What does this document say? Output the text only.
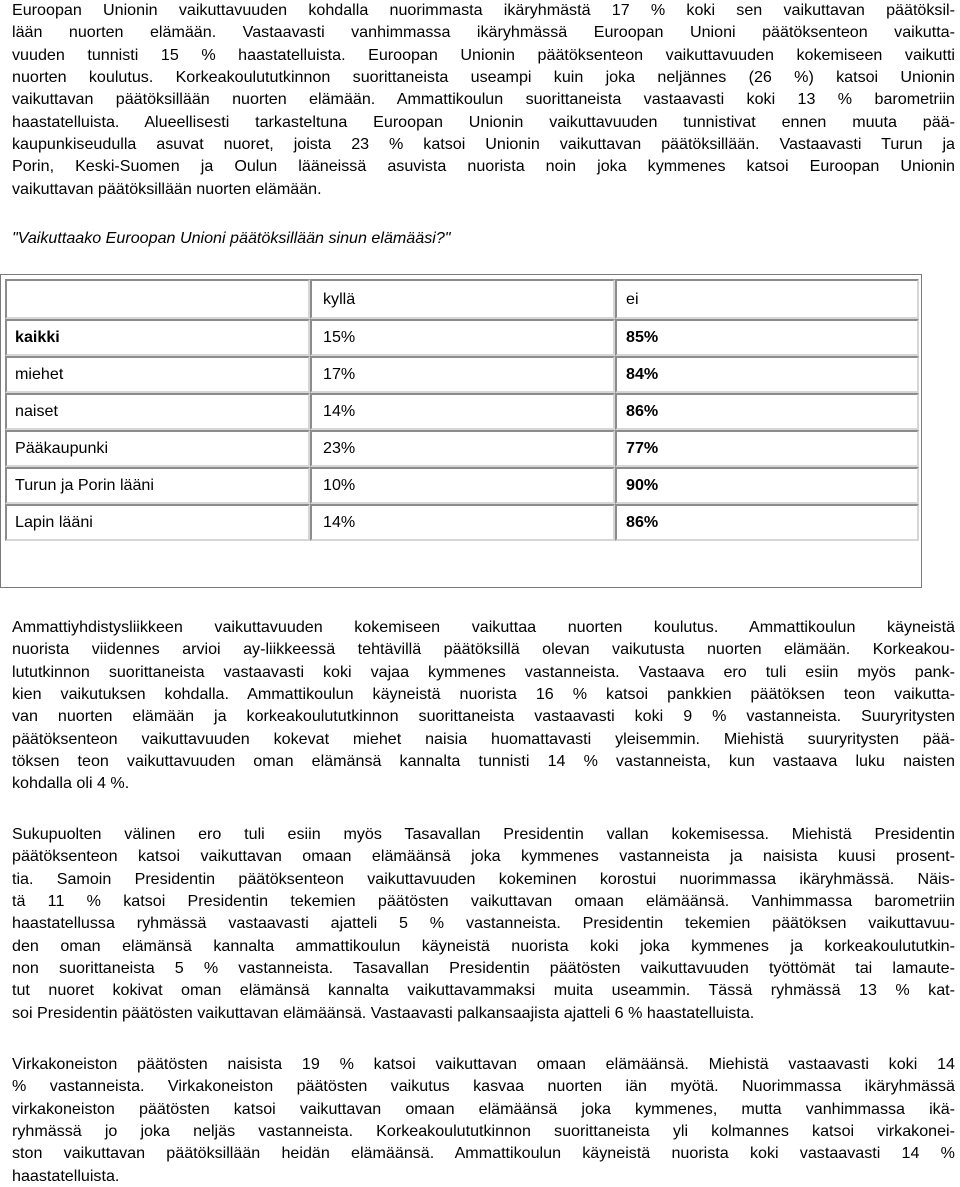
Euroopan Unionin vaikuttavuuden kohdalla nuorimmasta ikäryhmästä 17 % koki sen vaikuttavan päätöksil-
lään nuorten elämään. Vastaavasti vanhimmassa ikäryhmässä Euroopan Unioni päätöksenteon vaikutta-
vuuden tunnisti 15 % haastatelluista. Euroopan Unionin päätöksenteon vaikuttavuuden kokemiseen vaikutti
nuorten koulutus. Korkeakoulututkinnon suorittaneista useampi kuin joka neljännes (26 %) katsoi Unionin
vaikuttavan päätöksillään nuorten elämään. Ammattikoulun suorittaneista vastaavasti koki 13 % barometriin
haastatelluista. Alueellisesti tarkasteltuna Euroopan Unionin vaikuttavuuden tunnistivat ennen muuta pää-
kaupunkiseudulla asuvat nuoret, joista 23 % katsoi Unionin vaikuttavan päätöksillään. Vastaavasti Turun ja
Porin, Keski-Suomen ja Oulun lääneissä asuvista nuorista noin joka kymmenes katsoi Euroopan Unionin
vaikuttavan päätöksillään nuorten elämään.

"Vaikuttaako Euroopan Unioni päätöksillään sinun elämääsi?"

	kyllä	ei
kaikki	15%	85%
miehet	17%	84%
naiset	14%	86%
Pääkaupunki	23%	77%
Turun ja Porin lääni	10%	90%
Lapin lääni	14%	86%
Ammattiyhdistysliikkeen vaikuttavuuden kokemiseen vaikuttaa nuorten koulutus. Ammattikoulun käyneistä
nuorista viidennes arvioi ay-liikkeessä tehtävillä päätöksillä olevan vaikutusta nuorten elämään. Korkeakou-
lututkinnon suorittaneista vastaavasti koki vajaa kymmenes vastanneista. Vastaava ero tuli esiin myös pank-
kien vaikutuksen kohdalla. Ammattikoulun käyneistä nuorista 16 % katsoi pankkien päätöksen teon vaikutta-
van nuorten elämään ja korkeakoulututkinnon suorittaneista vastaavasti koki 9 % vastanneista. Suuryritysten
päätöksenteon vaikuttavuuden kokevat miehet naisia huomattavasti yleisemmin. Miehistä suuryritysten pää-
töksen teon vaikuttavuuden oman elämänsä kannalta tunnisti 14 % vastanneista, kun vastaava luku naisten
kohdalla oli 4 %.
Sukupuolten välinen ero tuli esiin myös Tasavallan Presidentin vallan kokemisessa. Miehistä Presidentin
päätöksenteon katsoi vaikuttavan omaan elämäänsä joka kymmenes vastanneista ja naisista kuusi prosent-
tia. Samoin Presidentin päätöksenteon vaikuttavuuden kokeminen korostui nuorimmassa ikäryhmässä. Näis-
tä 11 % katsoi Presidentin tekemien päätösten vaikuttavan omaan elämäänsä. Vanhimmassa barometriin
haastatellussa ryhmässä vastaavasti ajatteli 5 % vastanneista. Presidentin tekemien päätöksen vaikuttavuu-
den oman elämänsä kannalta ammattikoulun käyneistä nuorista koki joka kymmenes ja korkeakoulututkin-
non suorittaneista 5 % vastanneista. Tasavallan Presidentin päätösten vaikuttavuuden työttömät tai lamaute-
tut nuoret kokivat oman elämänsä kannalta vaikuttavammaksi muita useammin. Tässä ryhmässä 13 % kat-
soi Presidentin päätösten vaikuttavan elämäänsä. Vastaavasti palkansaajista ajatteli 6 % haastatelluista.
Virkakoneiston päätösten naisista 19 % katsoi vaikuttavan omaan elämäänsä. Miehistä vastaavasti koki 14
% vastanneista. Virkakoneiston päätösten vaikutus kasvaa nuorten iän myötä. Nuorimmassa ikäryhmässä
virkakoneiston päätösten katsoi vaikuttavan omaan elämäänsä joka kymmenes, mutta vanhimmassa ikä-
ryhmässä jo joka neljäs vastanneista. Korkeakoulututkinnon suorittaneista yli kolmannes katsoi virkakonei-
ston vaikuttavan päätöksillään heidän elämäänsä. Ammattikoulun käyneistä nuorista koki vastaavasti 14 %
haastatelluista.
